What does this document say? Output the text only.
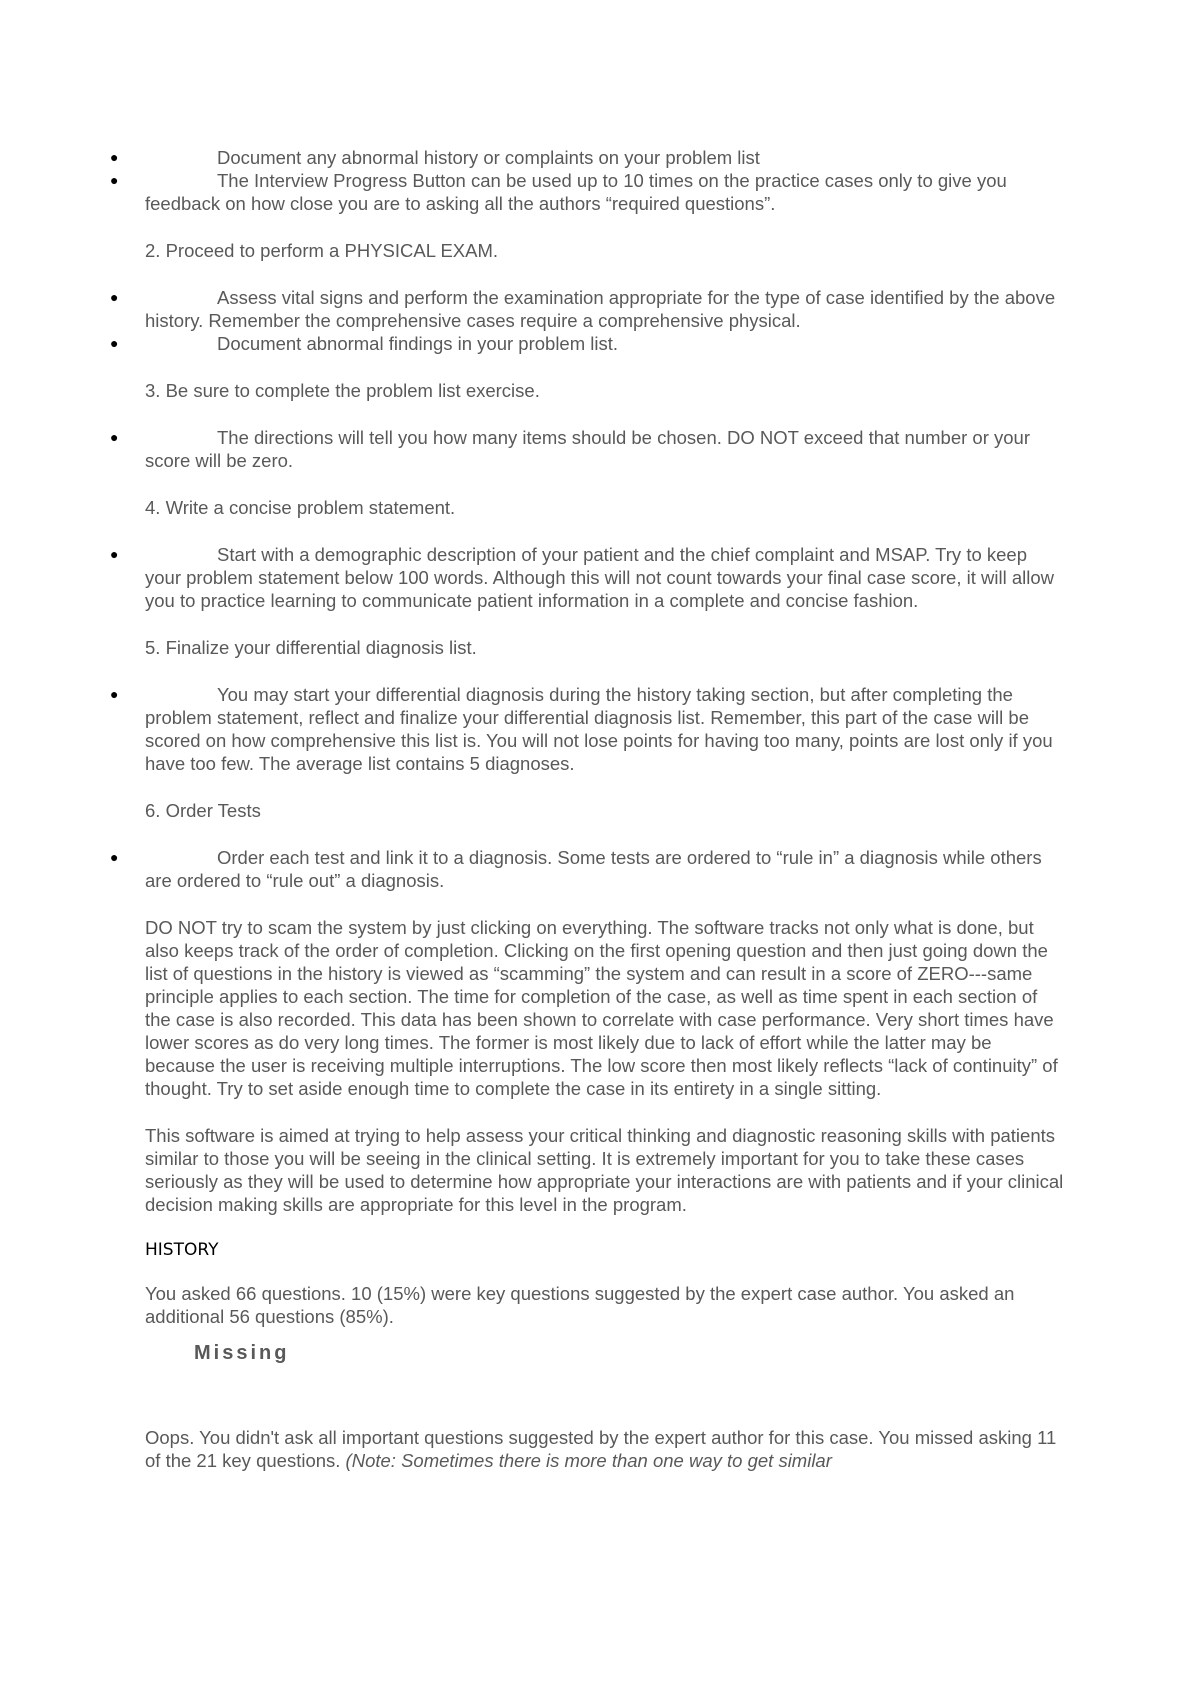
●	Document any abnormal history or complaints on your problem list

●	The Interview Progress Button can be used up to 10 times on the practice cases only to give you feedback on how close you are to asking all the authors “required questions”.

2. Proceed to perform a PHYSICAL EXAM.

●	Assess vital signs and perform the examination appropriate for the type of case identified by the above history. Remember the comprehensive cases require a comprehensive physical.

●	Document abnormal findings in your problem list.

3. Be sure to complete the problem list exercise.

●	The directions will tell you how many items should be chosen. DO NOT exceed that number or your score will be zero.

4. Write a concise problem statement.

●	Start with a demographic description of your patient and the chief complaint and MSAP. Try to keep your problem statement below 100 words. Although this will not count towards your final case score, it will allow you to practice learning to communicate patient information in a complete and concise fashion.

5. Finalize your differential diagnosis list.

●	You may start your differential diagnosis during the history taking section, but after completing the problem statement, reflect and finalize your differential diagnosis list. Remember, this part of the case will be scored on how comprehensive this list is. You will not lose points for having too many, points are lost only if you have too few. The average list contains 5 diagnoses.

6. Order Tests

●	Order each test and link it to a diagnosis. Some tests are ordered to “rule in” a diagnosis while others are ordered to “rule out” a diagnosis.

DO NOT try to scam the system by just clicking on everything. The software tracks not only what is done, but also keeps track of the order of completion. Clicking on the first opening question and then just going down the list of questions in the history is viewed as “scamming” the system and can result in a score of ZERO---same principle applies to each section. The time for completion of the case, as well as time spent in each section of the case is also recorded. This data has been shown to correlate with case performance. Very short times have lower scores as do very long times. The former is most likely due to lack of effort while the latter may be because the user is receiving multiple interruptions. The low score then most likely reflects “lack of continuity” of thought. Try to set aside enough time to complete the case in its entirety in a single sitting.

This software is aimed at trying to help assess your critical thinking and diagnostic reasoning skills with patients similar to those you will be seeing in the clinical setting. It is extremely important for you to take these cases seriously as they will be used to determine how appropriate your interactions are with patients and if your clinical decision making skills are appropriate for this level in the program.

HISTORY

You asked 66 questions. 10 (15%) were key questions suggested by the expert case author. You asked an additional 56 questions (85%).

Missing

Oops. You didn't ask all important questions suggested by the expert author for this case. You missed asking 11 of the 21 key questions. (Note: Sometimes there is more than one way to get similar
